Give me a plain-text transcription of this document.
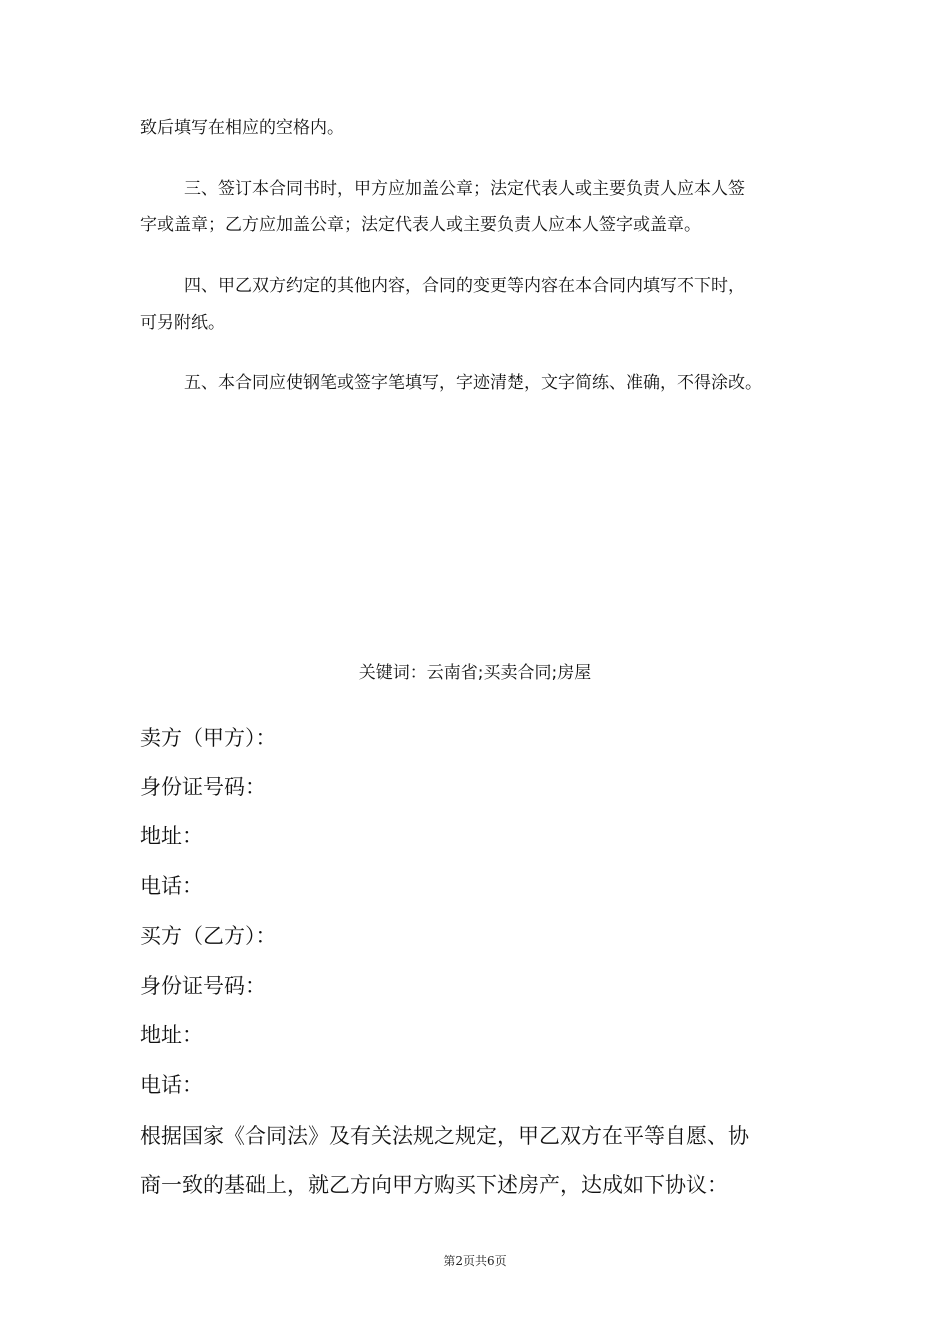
致后填写在相应的空格内。
三、签订本合同书时，甲方应加盖公章；法定代表人或主要负责人应本人签
字或盖章；乙方应加盖公章；法定代表人或主要负责人应本人签字或盖章。
四、甲乙双方约定的其他内容，合同的变更等内容在本合同内填写不下时，
可另附纸。
五、本合同应使钢笔或签字笔填写，字迹清楚，文字简练、准确，不得涂改。
关键词：云南省;买卖合同;房屋
卖方（甲方）：
身份证号码：
地址：
电话：
买方（乙方）：
身份证号码：
地址：
电话：
根据国家《合同法》及有关法规之规定，甲乙双方在平等自愿、协
商一致的基础上，就乙方向甲方购买下述房产，达成如下协议：
第2页共6页
